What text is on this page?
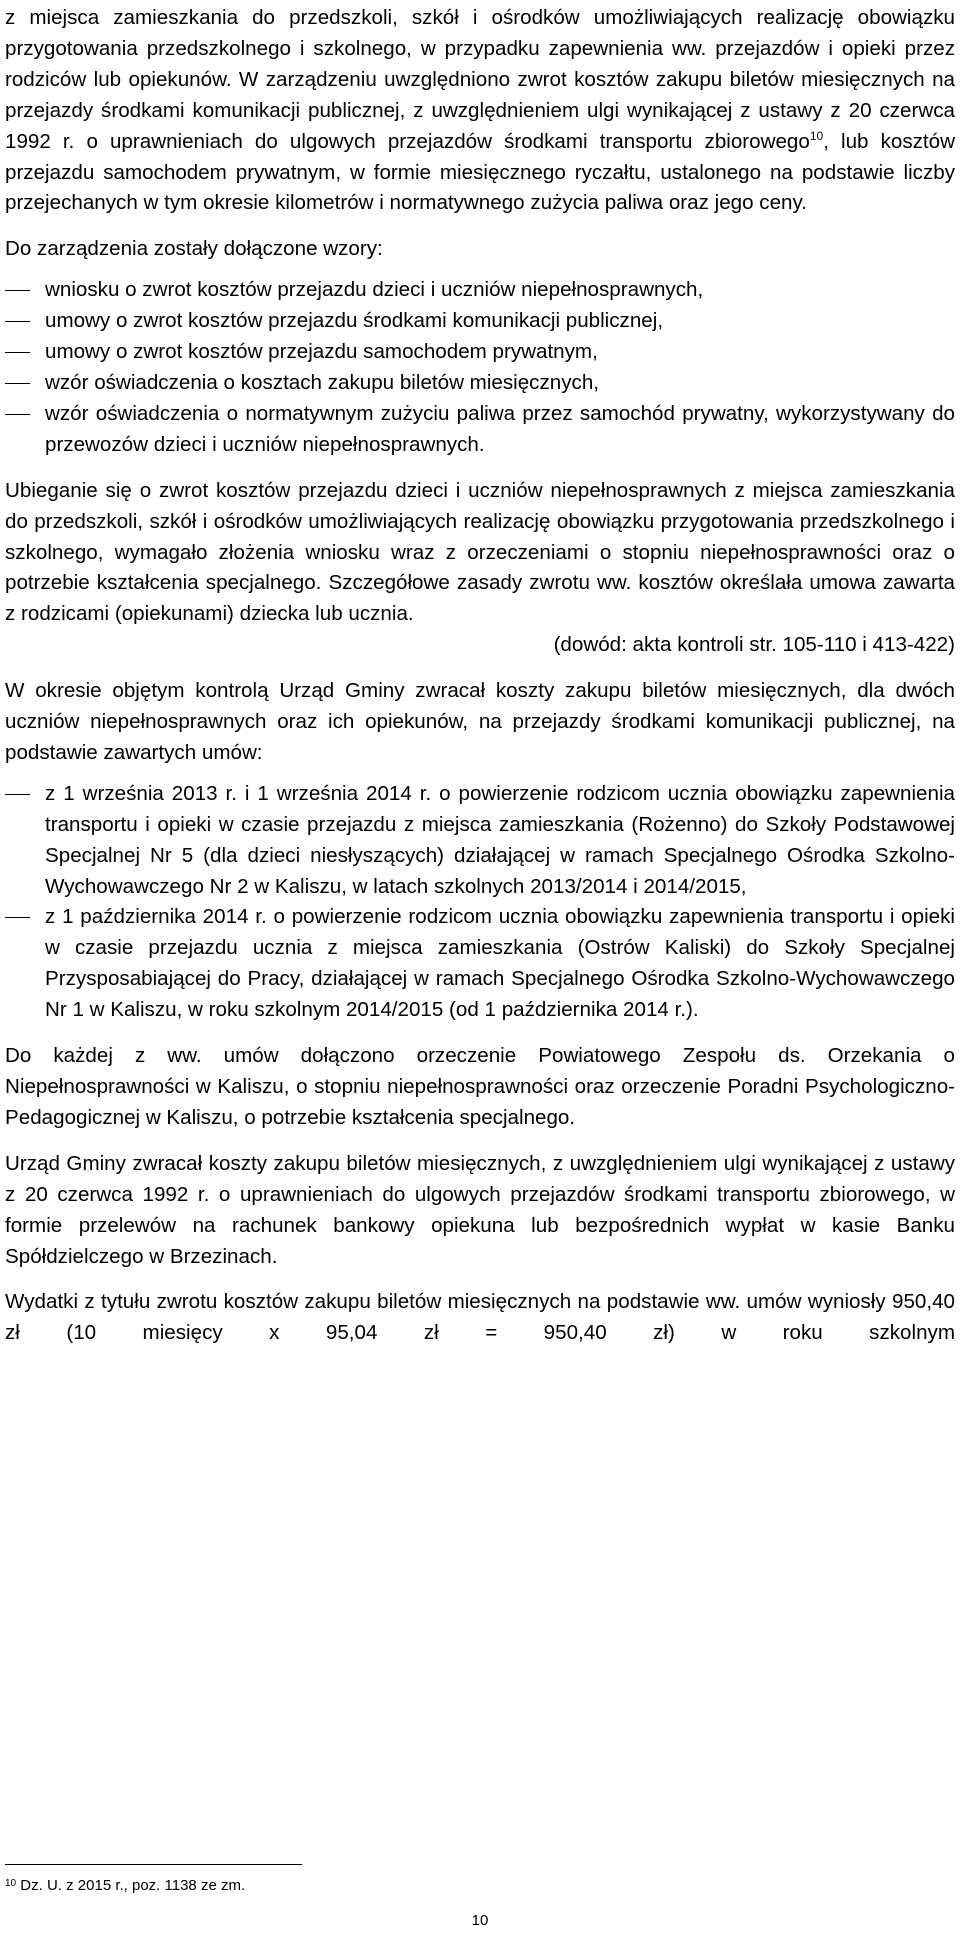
z miejsca zamieszkania do przedszkoli, szkół i ośrodków umożliwiających realizację obowiązku przygotowania przedszkolnego i szkolnego, w przypadku zapewnienia ww. przejazdów i opieki przez rodziców lub opiekunów. W zarządzeniu uwzględniono zwrot kosztów zakupu biletów miesięcznych na przejazdy środkami komunikacji publicznej, z uwzględnieniem ulgi wynikającej z ustawy z 20 czerwca 1992 r. o uprawnieniach do ulgowych przejazdów środkami transportu zbiorowego$^{10}$, lub kosztów przejazdu samochodem prywatnym, w formie miesięcznego ryczałtu, ustalonego na podstawie liczby przejechanych w tym okresie kilometrów i normatywnego zużycia paliwa oraz jego ceny.

Do zarządzenia zostały dołączone wzory:

wniosku o zwrot kosztów przejazdu dzieci i uczniów niepełnosprawnych,
umowy o zwrot kosztów przejazdu środkami komunikacji publicznej,
umowy o zwrot kosztów przejazdu samochodem prywatnym,
wzór oświadczenia o kosztach zakupu biletów miesięcznych,
wzór oświadczenia o normatywnym zużyciu paliwa przez samochód prywatny, wykorzystywany do przewozów dzieci i uczniów niepełnosprawnych.

Ubieganie się o zwrot kosztów przejazdu dzieci i uczniów niepełnosprawnych z miejsca zamieszkania do przedszkoli, szkół i ośrodków umożliwiających realizację obowiązku przygotowania przedszkolnego i szkolnego, wymagało złożenia wniosku wraz z orzeczeniami o stopniu niepełnosprawności oraz o potrzebie kształcenia specjalnego. Szczegółowe zasady zwrotu ww. kosztów określała umowa zawarta z rodzicami (opiekunami) dziecka lub ucznia.

(dowód: akta kontroli str. 105-110 i 413-422)

W okresie objętym kontrolą Urząd Gminy zwracał koszty zakupu biletów miesięcznych, dla dwóch uczniów niepełnosprawnych oraz ich opiekunów, na przejazdy środkami komunikacji publicznej, na podstawie zawartych umów:

z 1 września 2013 r. i 1 września 2014 r. o powierzenie rodzicom ucznia obowiązku zapewnienia transportu i opieki w czasie przejazdu z miejsca zamieszkania (Rożenno) do Szkoły Podstawowej Specjalnej Nr 5 (dla dzieci niesłyszących) działającej w ramach Specjalnego Ośrodka Szkolno-Wychowawczego Nr 2 w Kaliszu, w latach szkolnych 2013/2014 i 2014/2015,
z 1 października 2014 r. o powierzenie rodzicom ucznia obowiązku zapewnienia transportu i opieki w czasie przejazdu ucznia z miejsca zamieszkania (Ostrów Kaliski) do Szkoły Specjalnej Przysposabiającej do Pracy, działającej w ramach Specjalnego Ośrodka Szkolno-Wychowawczego Nr 1 w Kaliszu, w roku szkolnym 2014/2015 (od 1 października 2014 r.).

Do każdej z ww. umów dołączono orzeczenie Powiatowego Zespołu ds. Orzekania o Niepełnosprawności w Kaliszu, o stopniu niepełnosprawności oraz orzeczenie Poradni Psychologiczno-Pedagogicznej w Kaliszu, o potrzebie kształcenia specjalnego.

Urząd Gminy zwracał koszty zakupu biletów miesięcznych, z uwzględnieniem ulgi wynikającej z ustawy z 20 czerwca 1992 r. o uprawnieniach do ulgowych przejazdów środkami transportu zbiorowego, w formie przelewów na rachunek bankowy opiekuna lub bezpośrednich wypłat w kasie Banku Spółdzielczego w Brzezinach.

Wydatki z tytułu zwrotu kosztów zakupu biletów miesięcznych na podstawie ww. umów wyniosły 950,40 zł (10 miesięcy x 95,04 zł = 950,40 zł) w roku szkolnym

$^{10}$ Dz. U. z 2015 r., poz. 1138 ze zm.
10
